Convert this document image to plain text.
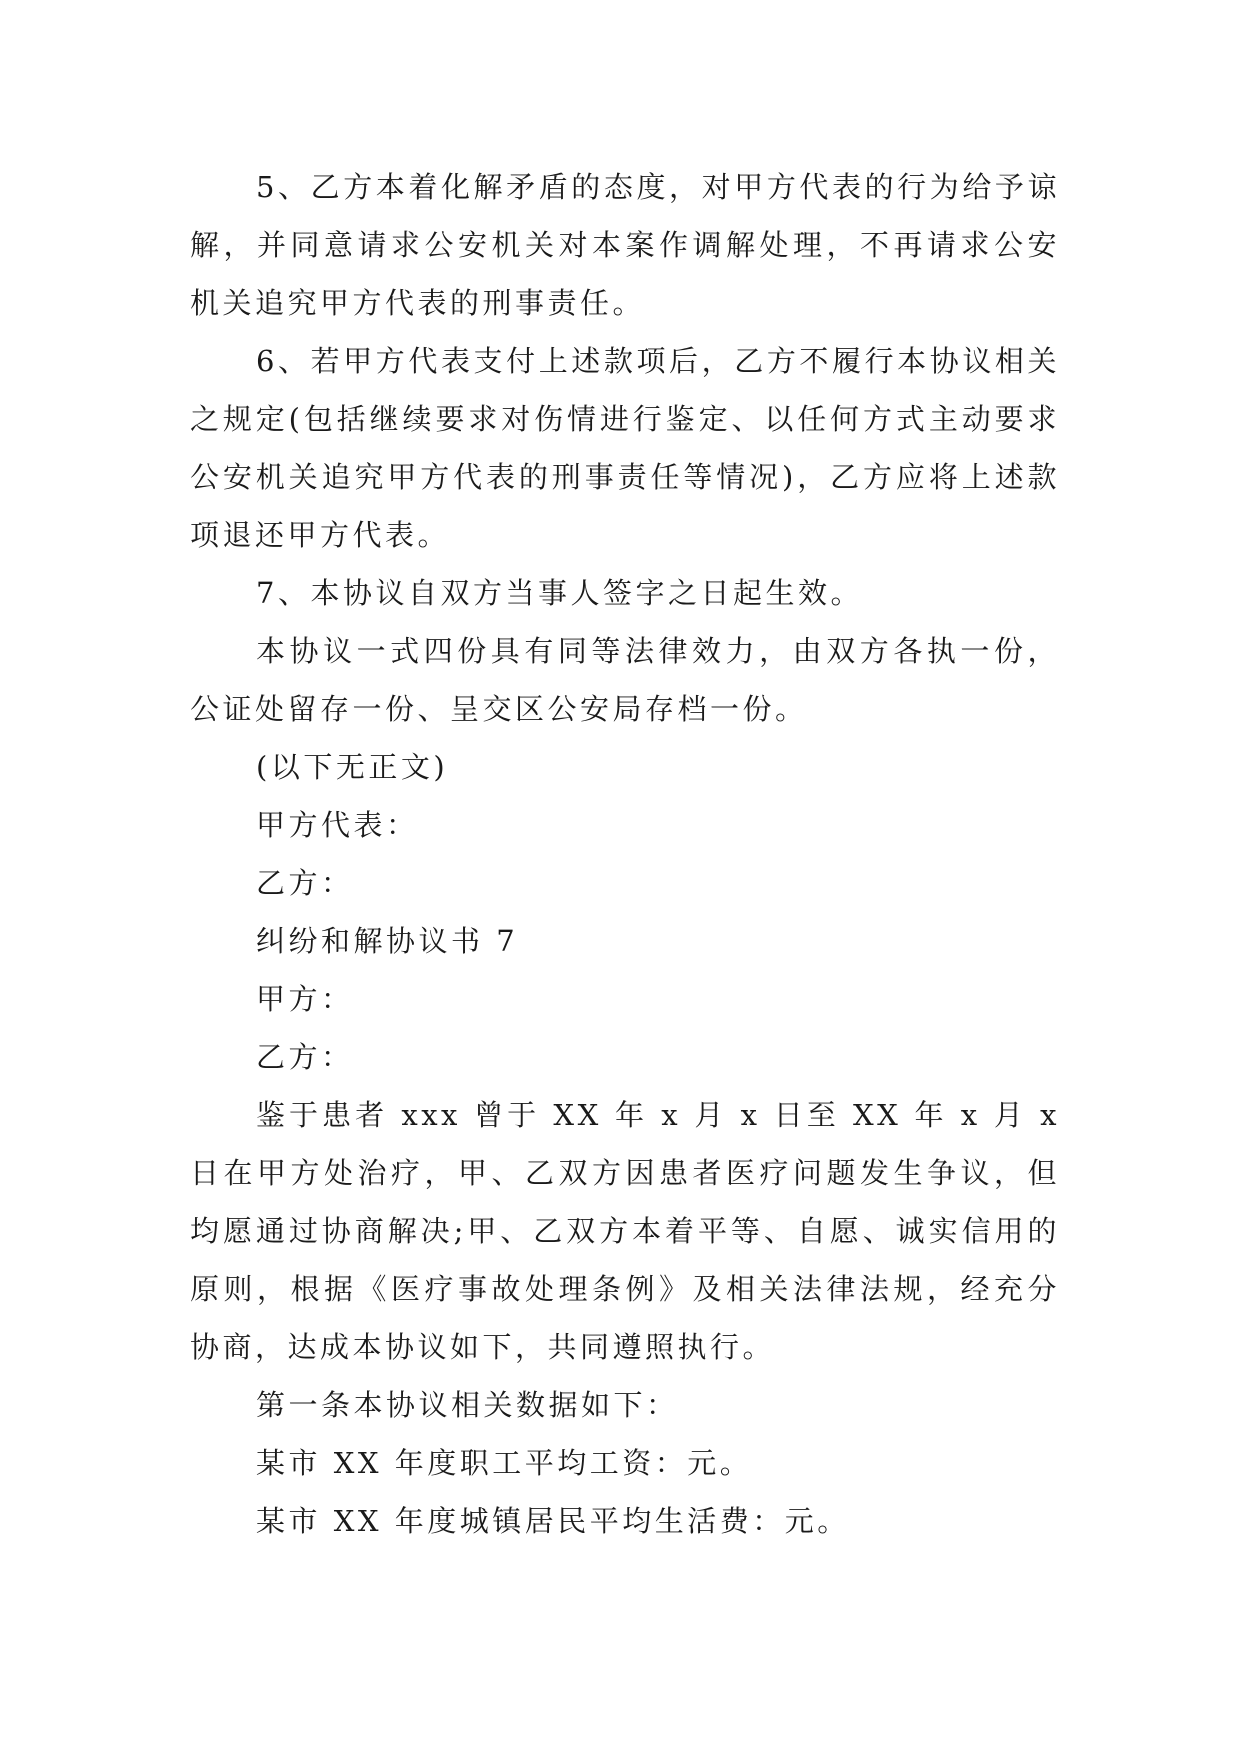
5、乙方本着化解矛盾的态度，对甲方代表的行为给予谅解，并同意请求公安机关对本案作调解处理，不再请求公安机关追究甲方代表的刑事责任。

6、若甲方代表支付上述款项后，乙方不履行本协议相关之规定(包括继续要求对伤情进行鉴定、以任何方式主动要求公安机关追究甲方代表的刑事责任等情况)，乙方应将上述款项退还甲方代表。

7、本协议自双方当事人签字之日起生效。

本协议一式四份具有同等法律效力，由双方各执一份，公证处留存一份、呈交区公安局存档一份。

(以下无正文)

甲方代表：

乙方：

纠纷和解协议书 7

甲方：

乙方：

鉴于患者 xxx 曾于 XX 年 x 月 x 日至 XX 年 x 月 x 日在甲方处治疗，甲、乙双方因患者医疗问题发生争议，但均愿通过协商解决;甲、乙双方本着平等、自愿、诚实信用的原则，根据《医疗事故处理条例》及相关法律法规，经充分协商，达成本协议如下，共同遵照执行。

第一条本协议相关数据如下：

某市 XX 年度职工平均工资：元。

某市 XX 年度城镇居民平均生活费：元。
